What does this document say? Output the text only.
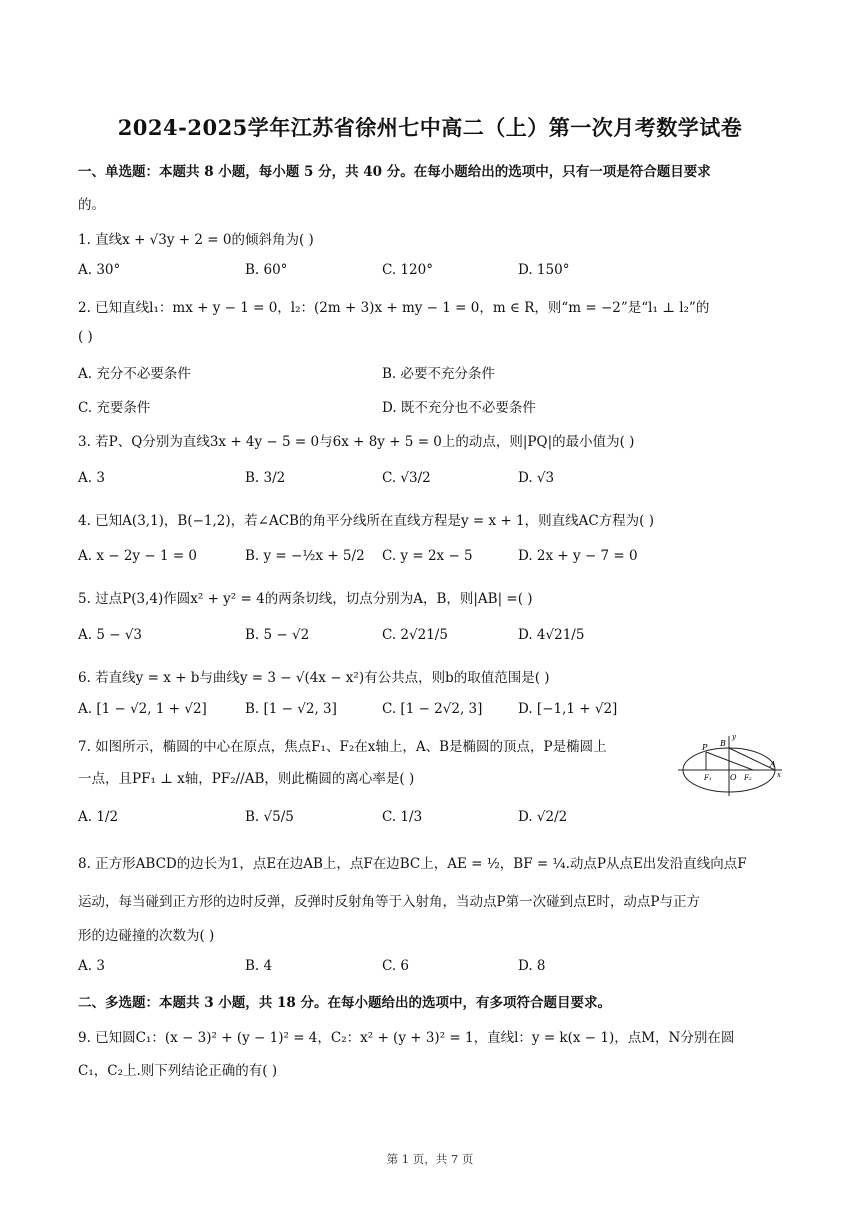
2024-2025学年江苏省徐州七中高二（上）第一次月考数学试卷
一、单选题：本题共 8 小题，每小题 5 分，共 40 分。在每小题给出的选项中，只有一项是符合题目要求
的。
1. 直线x + √3y + 2 = 0的倾斜角为( )
A. 30°	B. 60°	C. 120°	D. 150°
2. 已知直线l₁：mx + y − 1 = 0，l₂：(2m + 3)x + my − 1 = 0，m ∈ R，则“m = −2”是“l₁ ⊥ l₂”的
( )
A. 充分不必要条件	B. 必要不充分条件
C. 充要条件	D. 既不充分也不必要条件
3. 若P、Q分别为直线3x + 4y − 5 = 0与6x + 8y + 5 = 0上的动点，则|PQ|的最小值为( )
A. 3	B. 3/2	C. √3/2	D. √3
4. 已知A(3,1)，B(−1,2)，若∠ACB的角平分线所在直线方程是y = x + 1，则直线AC方程为( )
A. x − 2y − 1 = 0	B. y = −½x + 5/2 C. y = 2x − 5	D. 2x + y − 7 = 0
5. 过点P(3,4)作圆x² + y² = 4的两条切线，切点分别为A，B，则|AB| =( )
A. 5 − √3	B. 5 − √2	C. 2√21/5	D. 4√21/5
6. 若直线y = x + b与曲线y = 3 − √(4x − x²)有公共点，则b的取值范围是( )
A. [1 − √2, 1 + √2]	B. [1 − √2, 3]	C. [1 − 2√2, 3]	D. [−1,1 + √2]
7. 如图所示，椭圆的中心在原点，焦点F₁、F₂在x轴上，A、B是椭圆的顶点，P是椭圆上
一点，且PF₁ ⊥ x轴，PF₂//AB，则此椭圆的离心率是( )
A. 1/2	B. √5/5	C. 1/3	D. √2/2
P B
y
A
x
F₁ O F₂
8. 正方形ABCD的边长为1，点E在边AB上，点F在边BC上，AE = ½，BF = ¼.动点P从点E出发沿直线向点F
运动，每当碰到正方形的边时反弹，反弹时反射角等于入射角，当动点P第一次碰到点E时，动点P与正方
形的边碰撞的次数为( )
A. 3	B. 4	C. 6	D. 8
二、多选题：本题共 3 小题，共 18 分。在每小题给出的选项中，有多项符合题目要求。
9. 已知圆C₁：(x − 3)² + (y − 1)² = 4，C₂：x² + (y + 3)² = 1，直线l：y = k(x − 1)，点M，N分别在圆
C₁，C₂上.则下列结论正确的有( )
第 1 页，共 7 页
